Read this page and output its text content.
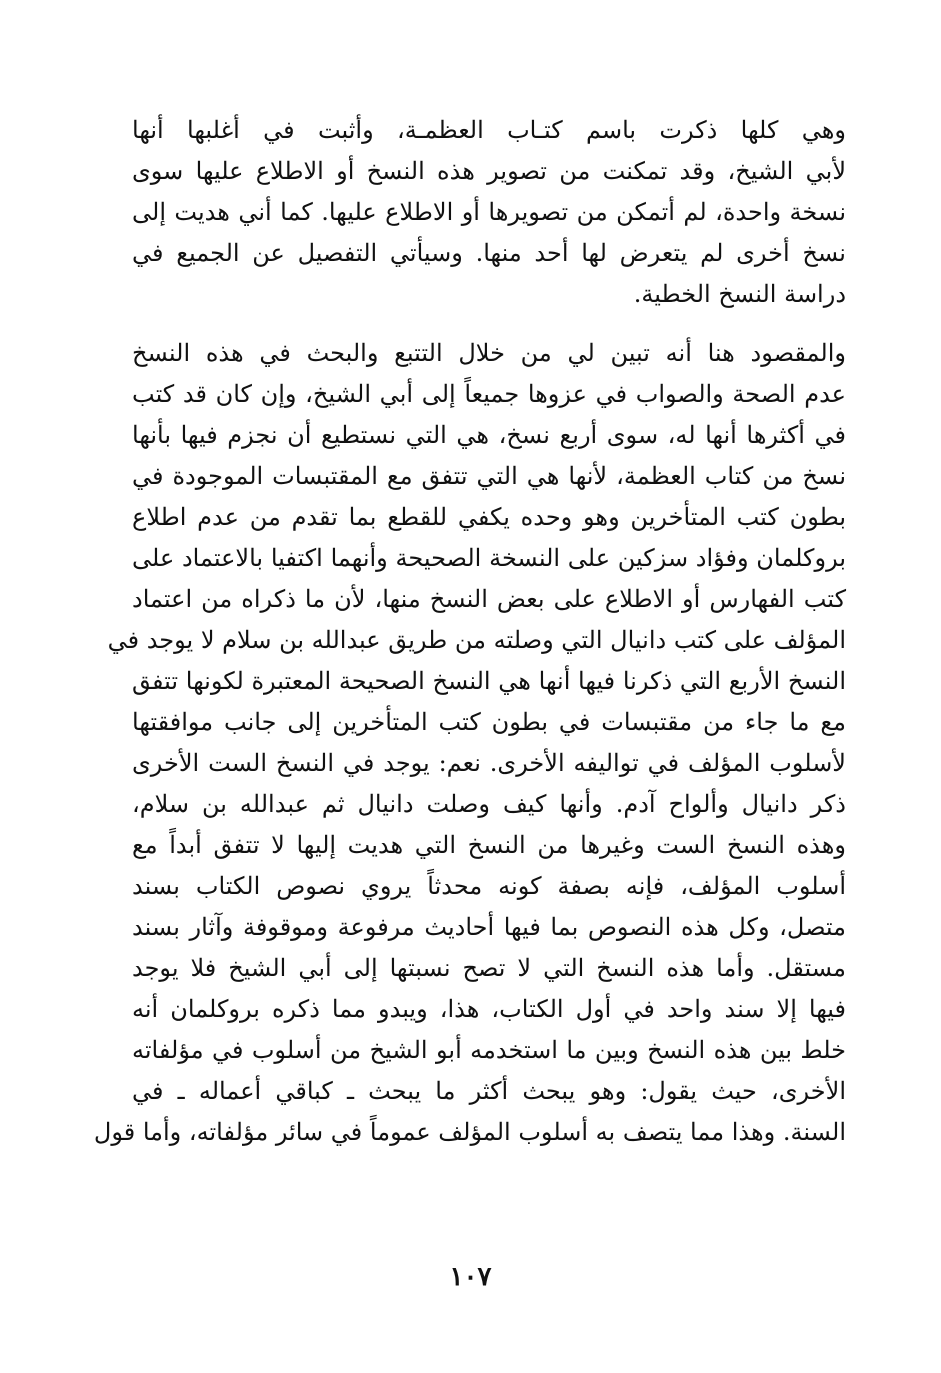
وهي كلها ذكرت باسم كتـاب العظمـة، وأثبت في أغلبها أنها
لأبي الشيخ، وقد تمكنت من تصوير هذه النسخ أو الاطلاع عليها سوى
نسخة واحدة، لم أتمكن من تصويرها أو الاطلاع عليها. كما أني هديت إلى
نسخ أخرى لم يتعرض لها أحد منها. وسيأتي التفصيل عن الجميع في
دراسة النسخ الخطية.

والمقصود هنا أنه تبين لي من خلال التتبع والبحث في هذه النسخ
عدم الصحة والصواب في عزوها جميعاً إلى أبي الشيخ، وإن كان قد كتب
في أكثرها أنها له، سوى أربع نسخ، هي التي نستطيع أن نجزم فيها بأنها
نسخ من كتاب العظمة، لأنها هي التي تتفق مع المقتبسات الموجودة في
بطون كتب المتأخرين وهو وحده يكفي للقطع بما تقدم من عدم اطلاع
بروكلمان وفؤاد سزكين على النسخة الصحيحة وأنهما اكتفيا بالاعتماد على
كتب الفهارس أو الاطلاع على بعض النسخ منها، لأن ما ذكراه من اعتماد
المؤلف على كتب دانيال التي وصلته من طريق عبدالله بن سلام لا يوجد في
النسخ الأربع التي ذكرنا فيها أنها هي النسخ الصحيحة المعتبرة لكونها تتفق
مع ما جاء من مقتبسات في بطون كتب المتأخرين إلى جانب موافقتها
لأسلوب المؤلف في تواليفه الأخرى. نعم: يوجد في النسخ الست الأخرى
ذكر دانيال وألواح آدم. وأنها كيف وصلت دانيال ثم عبدالله بن سلام،
وهذه النسخ الست وغيرها من النسخ التي هديت إليها لا تتفق أبداً مع
أسلوب المؤلف، فإنه بصفة كونه محدثاً يروي نصوص الكتاب بسند
متصل، وكل هذه النصوص بما فيها أحاديث مرفوعة وموقوفة وآثار بسند
مستقل. وأما هذه النسخ التي لا تصح نسبتها إلى أبي الشيخ فلا يوجد
فيها إلا سند واحد في أول الكتاب، هذا، ويبدو مما ذكره بروكلمان أنه
خلط بين هذه النسخ وبين ما استخدمه أبو الشيخ من أسلوب في مؤلفاته
الأخرى، حيث يقول: وهو يبحث أكثر ما يبحث ـ كباقي أعماله ـ في
السنة. وهذا مما يتصف به أسلوب المؤلف عموماً في سائر مؤلفاته، وأما قول

١٠٧
